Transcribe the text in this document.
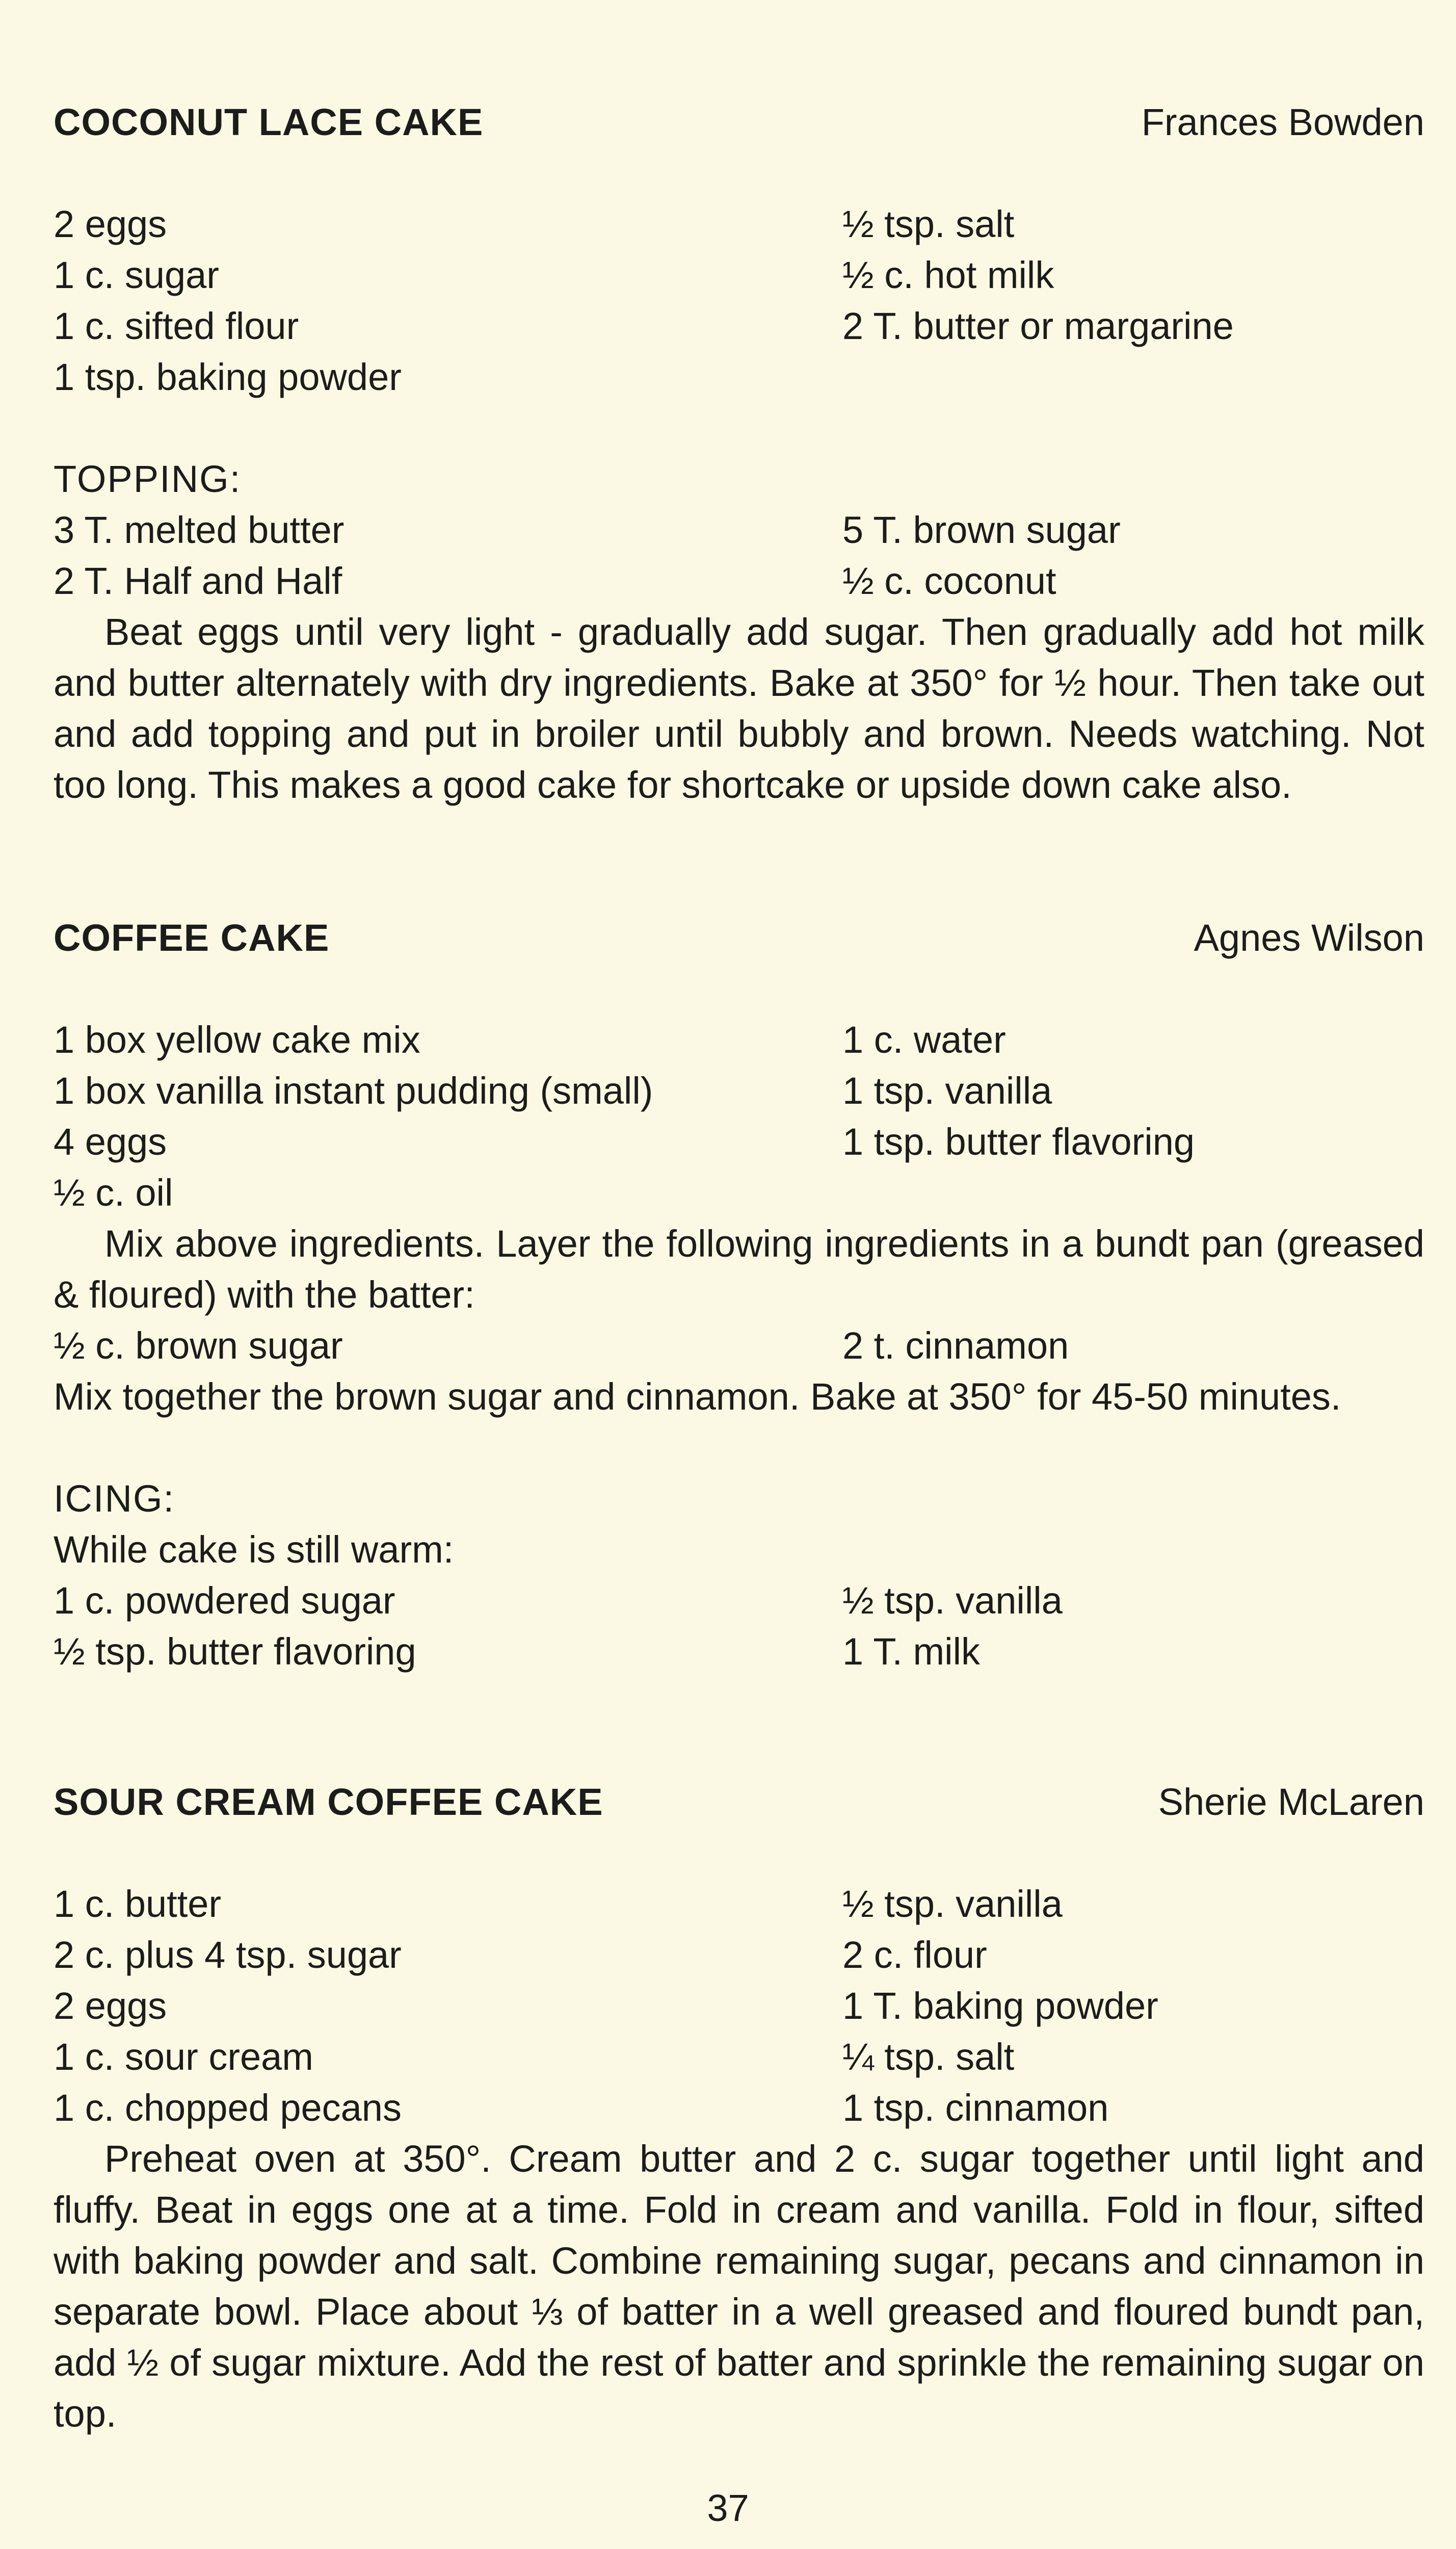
COCONUT LACE CAKE	Frances Bowden
2 eggs	½ tsp. salt
1 c. sugar	½ c. hot milk
1 c. sifted flour	2 T. butter or margarine
1 tsp. baking powder
TOPPING:
3 T. melted butter	5 T. brown sugar
2 T. Half and Half	½ c. coconut

Beat eggs until very light - gradually add sugar. Then gradually add hot milk and butter alternately with dry ingredients. Bake at 350° for ½ hour. Then take out and add topping and put in broiler until bubbly and brown. Needs watching. Not too long. This makes a good cake for shortcake or upside down cake also.

COFFEE CAKE	Agnes Wilson
1 box yellow cake mix	1 c. water
1 box vanilla instant pudding (small)	1 tsp. vanilla
4 eggs	1 tsp. butter flavoring
½ c. oil

Mix above ingredients. Layer the following ingredients in a bundt pan (greased & floured) with the batter:

½ c. brown sugar	2 t. cinnamon
Mix together the brown sugar and cinnamon. Bake at 350° for 45-50 minutes.
ICING:
While cake is still warm:
1 c. powdered sugar	½ tsp. vanilla
½ tsp. butter flavoring	1 T. milk
SOUR CREAM COFFEE CAKE	Sherie McLaren
1 c. butter	½ tsp. vanilla
2 c. plus 4 tsp. sugar	2 c. flour
2 eggs	1 T. baking powder
1 c. sour cream	¼ tsp. salt
1 c. chopped pecans	1 tsp. cinnamon

Preheat oven at 350°. Cream butter and 2 c. sugar together until light and fluffy. Beat in eggs one at a time. Fold in cream and vanilla. Fold in flour, sifted with baking powder and salt. Combine remaining sugar, pecans and cinnamon in separate bowl. Place about ⅓ of batter in a well greased and floured bundt pan, add ½ of sugar mixture. Add the rest of batter and sprinkle the remaining sugar on top.

37
